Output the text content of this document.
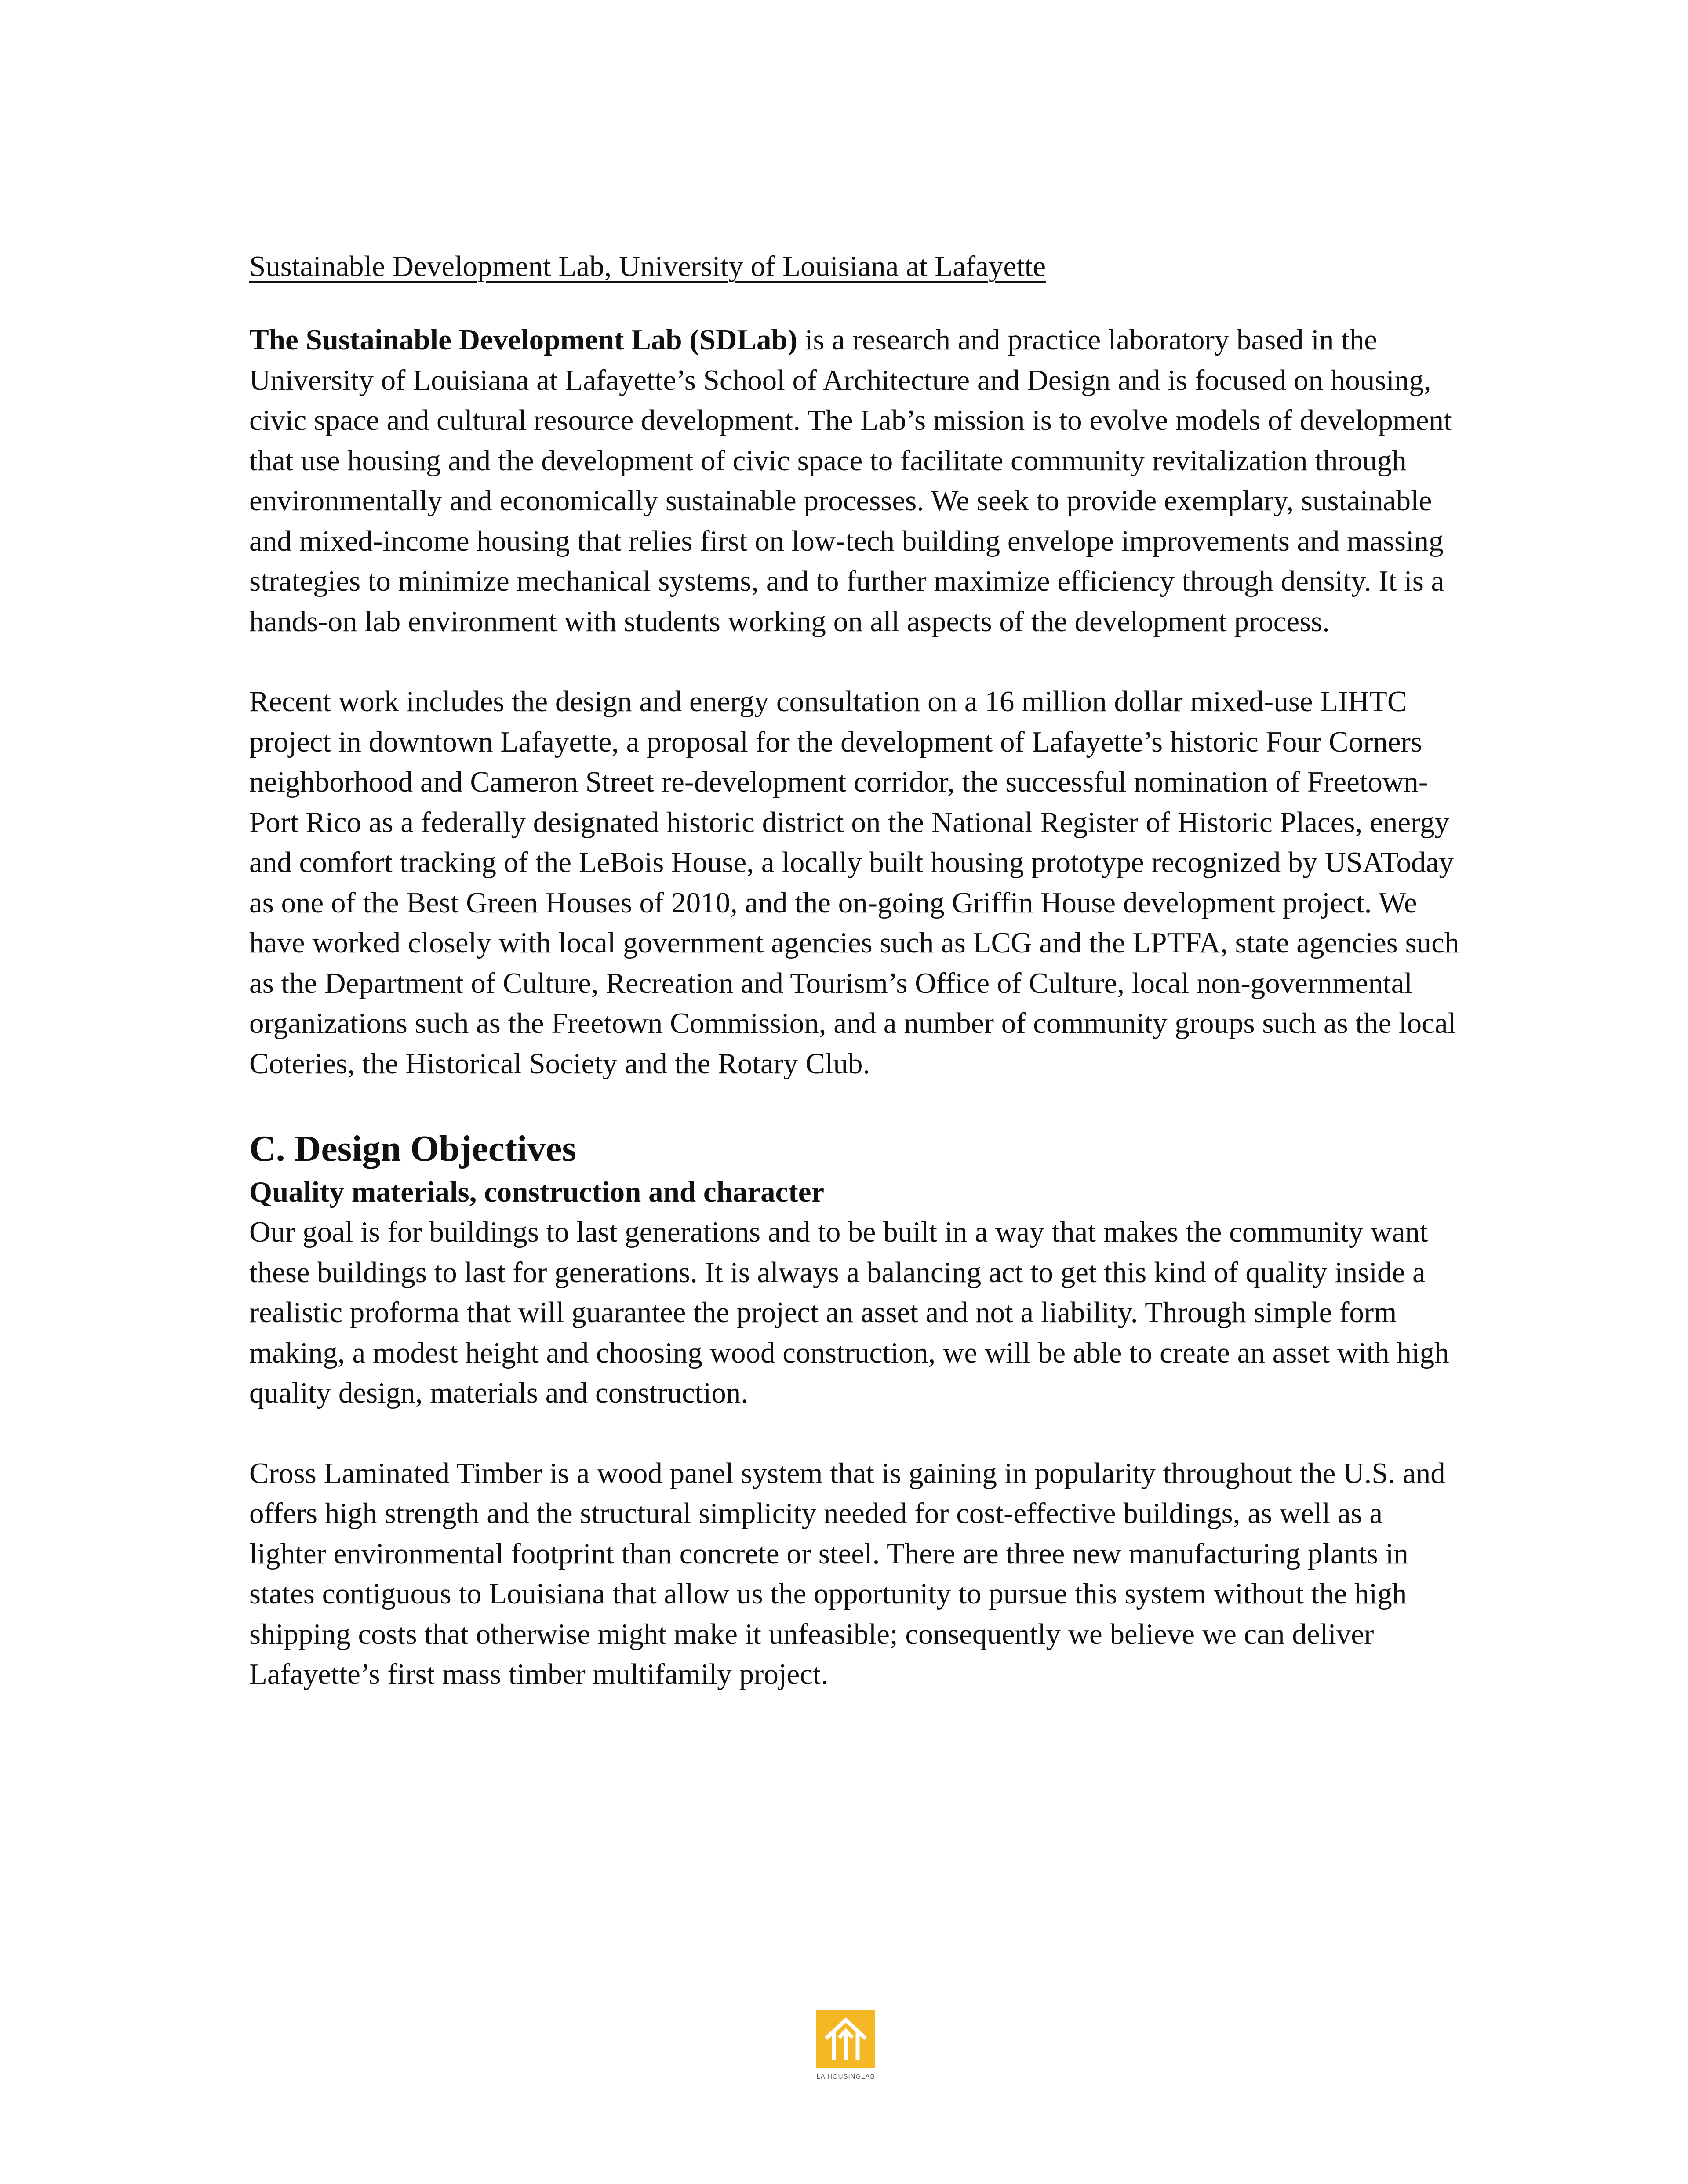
Sustainable Development Lab, University of Louisiana at Lafayette

The Sustainable Development Lab (SDLab) is a research and practice laboratory based in the University of Louisiana at Lafayette’s School of Architecture and Design and is focused on housing, civic space and cultural resource development. The Lab’s mission is to evolve models of development that use housing and the development of civic space to facilitate community revitalization through environmentally and economically sustainable processes. We seek to provide exemplary, sustainable and mixed-income housing that relies first on low-tech building envelope improvements and massing strategies to minimize mechanical systems, and to further maximize efficiency through density. It is a hands-on lab environment with students working on all aspects of the development process.

Recent work includes the design and energy consultation on a 16 million dollar mixed-use LIHTC project in downtown Lafayette, a proposal for the development of Lafayette’s historic Four Corners neighborhood and Cameron Street re-development corridor, the successful nomination of Freetown-Port Rico as a federally designated historic district on the National Register of Historic Places, energy and comfort tracking of the LeBois House, a locally built housing prototype recognized by USAToday as one of the Best Green Houses of 2010, and the on-going Griffin House development project. We have worked closely with local government agencies such as LCG and the LPTFA, state agencies such as the Department of Culture, Recreation and Tourism’s Office of Culture, local non-governmental organizations such as the Freetown Commission, and a number of community groups such as the local Coteries, the Historical Society and the Rotary Club.

C. Design Objectives
Quality materials, construction and character

Our goal is for buildings to last generations and to be built in a way that makes the community want these buildings to last for generations. It is always a balancing act to get this kind of quality inside a realistic proforma that will guarantee the project an asset and not a liability. Through simple form making, a modest height and choosing wood construction, we will be able to create an asset with high quality design, materials and construction.

Cross Laminated Timber is a wood panel system that is gaining in popularity throughout the U.S. and offers high strength and the structural simplicity needed for cost-effective buildings, as well as a lighter environmental footprint than concrete or steel. There are three new manufacturing plants in states contiguous to Louisiana that allow us the opportunity to pursue this system without the high shipping costs that otherwise might make it unfeasible; consequently we believe we can deliver Lafayette’s first mass timber multifamily project.

LA HOUSINGLAB
